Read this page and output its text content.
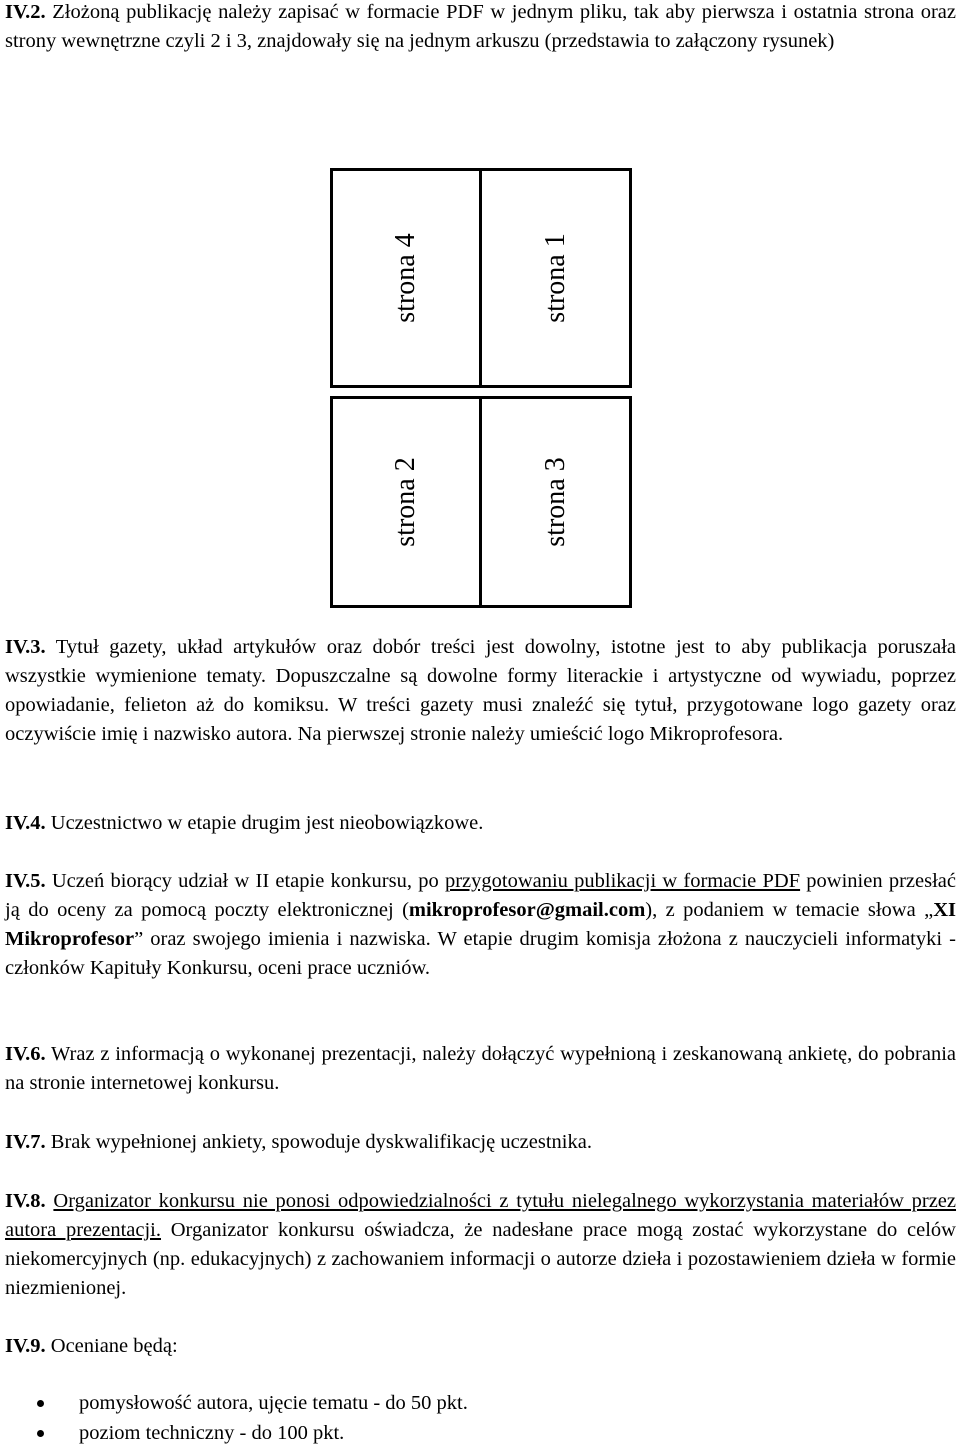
IV.2. Złożoną publikację należy zapisać w formacie PDF w jednym pliku, tak aby pierwsza i ostatnia strona oraz strony wewnętrzne czyli 2 i 3, znajdowały się na jednym arkuszu (przedstawia to załączony rysunek)

strona 4	strona 1
strona 2	strona 3

IV.3. Tytuł gazety, układ artykułów oraz dobór treści jest dowolny, istotne jest to aby publikacja poruszała wszystkie wymienione tematy. Dopuszczalne są dowolne formy literackie i artystyczne od wywiadu, poprzez opowiadanie, felieton aż do komiksu. W treści gazety musi znaleźć się tytuł, przygotowane logo gazety oraz oczywiście imię i nazwisko autora. Na pierwszej stronie należy umieścić logo Mikroprofesora.

IV.4. Uczestnictwo w etapie drugim jest nieobowiązkowe.

IV.5. Uczeń biorący udział w II etapie konkursu, po przygotowaniu publikacji w formacie PDF powinien przesłać ją do oceny za pomocą poczty elektronicznej (mikroprofesor@gmail.com), z podaniem w temacie słowa „XI Mikroprofesor” oraz swojego imienia i nazwiska. W etapie drugim komisja złożona z nauczycieli informatyki - członków Kapituły Konkursu, oceni prace uczniów.

IV.6. Wraz z informacją o wykonanej prezentacji, należy dołączyć wypełnioną i zeskanowaną ankietę, do pobrania na stronie internetowej konkursu.

IV.7. Brak wypełnionej ankiety, spowoduje dyskwalifikację uczestnika.

IV.8. Organizator konkursu nie ponosi odpowiedzialności z tytułu nielegalnego wykorzystania materiałów przez autora prezentacji. Organizator konkursu oświadcza, że nadesłane prace mogą zostać wykorzystane do celów niekomercyjnych (np. edukacyjnych) z zachowaniem informacji o autorze dzieła i pozostawieniem dzieła w formie niezmienionej.

IV.9. Oceniane będą:

pomysłowość autora, ujęcie tematu - do 50 pkt.
poziom techniczny - do 100 pkt.
